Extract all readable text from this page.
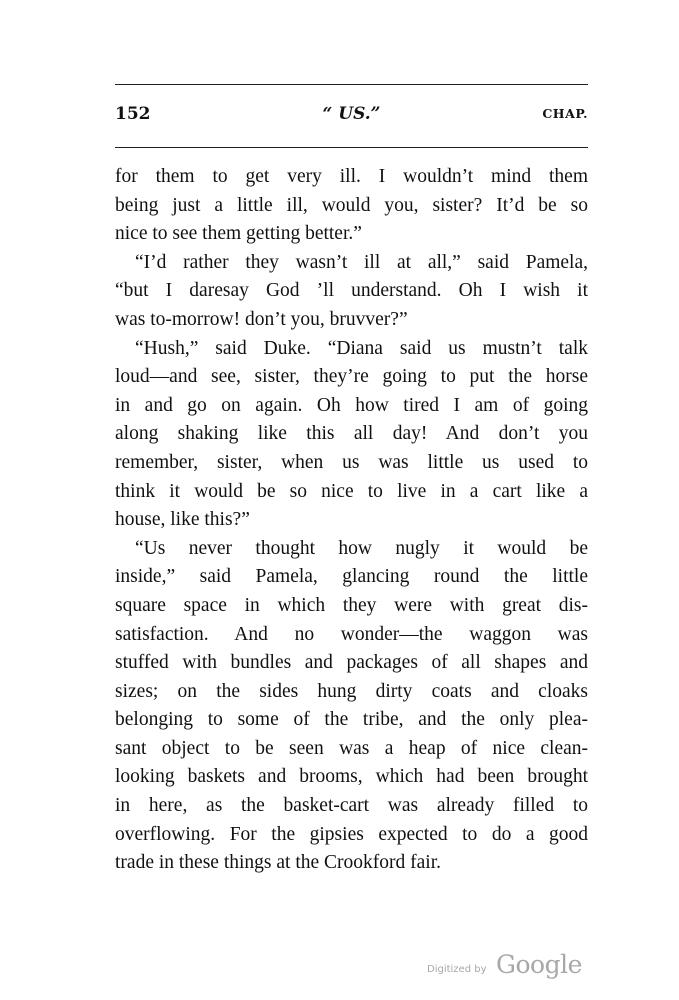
152	“ US.”	CHAP.
for them to get very ill. I wouldn’t mind them
being just a little ill, would you, sister? It’d be so
nice to see them getting better.”
“I’d rather they wasn’t ill at all,” said Pamela,
“but I daresay God ’ll understand. Oh I wish it
was to-morrow! don’t you, bruvver?”
“Hush,” said Duke. “Diana said us mustn’t talk
loud—and see, sister, they’re going to put the horse
in and go on again. Oh how tired I am of going
along shaking like this all day! And don’t you
remember, sister, when us was little us used to
think it would be so nice to live in a cart like a
house, like this?”
“Us never thought how nugly it would be
inside,” said Pamela, glancing round the little
square space in which they were with great dis-
satisfaction. And no wonder—the waggon was
stuffed with bundles and packages of all shapes and
sizes; on the sides hung dirty coats and cloaks
belonging to some of the tribe, and the only plea-
sant object to be seen was a heap of nice clean-
looking baskets and brooms, which had been brought
in here, as the basket-cart was already filled to
overflowing. For the gipsies expected to do a good
trade in these things at the Crookford fair.
Digitized by Google
